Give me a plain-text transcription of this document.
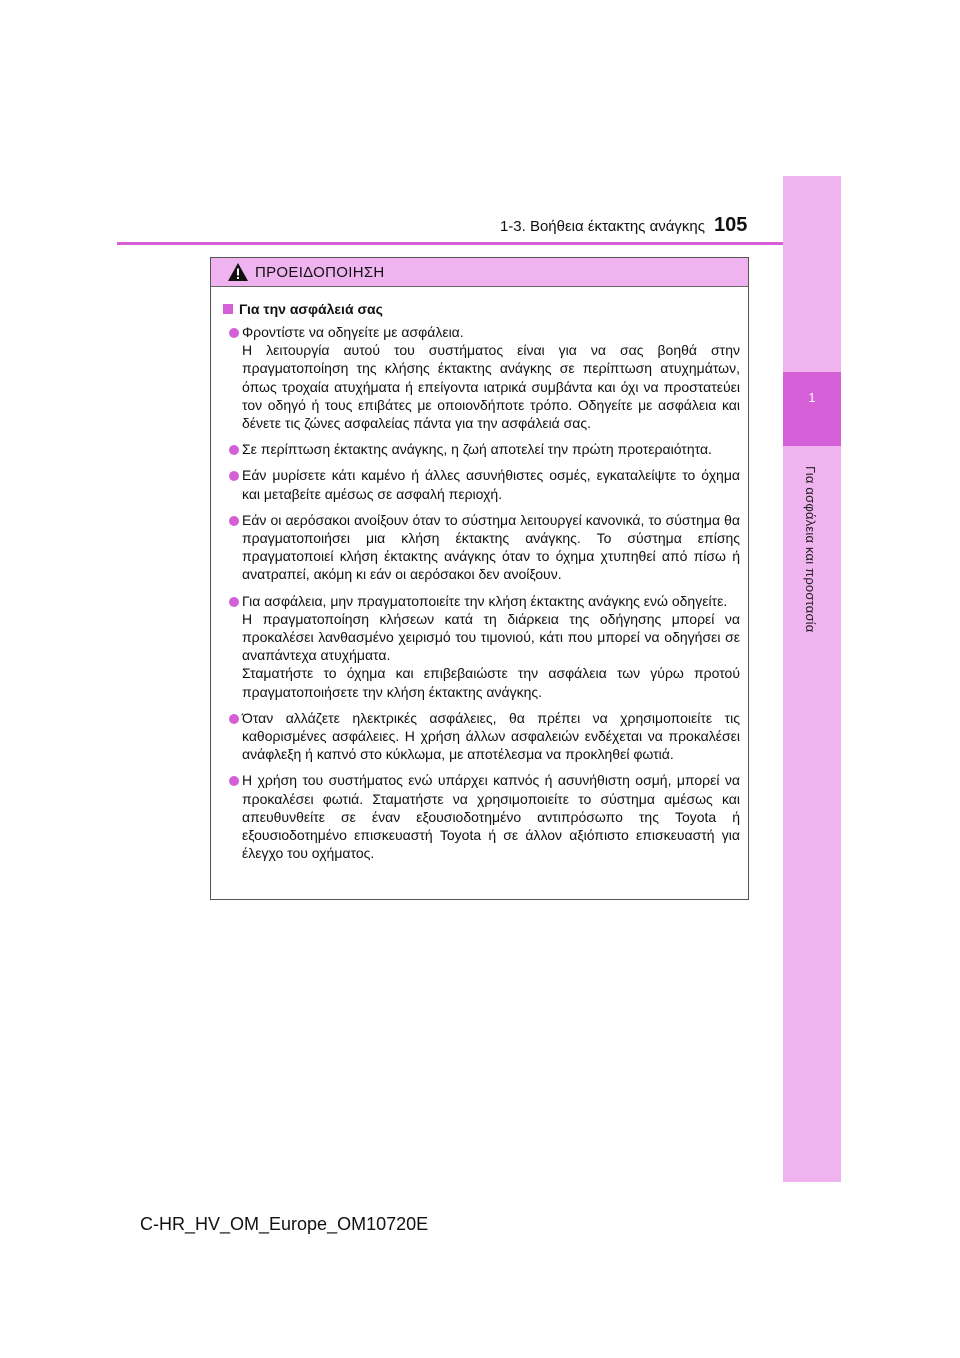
1
Για ασφάλεια και προστασία
1-3. Βοήθεια έκτακτης ανάγκης 105
ΠΡΟΕΙΔΟΠΟΙΗΣΗ
Για την ασφάλειά σας

Φροντίστε να οδηγείτε με ασφάλεια.

Η λειτουργία αυτού του συστήματος είναι για να σας βοηθά στην πραγματοποίηση της κλήσης έκτακτης ανάγκης σε περίπτωση ατυχημάτων, όπως τροχαία ατυχήματα ή επείγοντα ιατρικά συμβάντα και όχι να προστατεύει τον οδηγό ή τους επιβάτες με οποιονδήποτε τρόπο. Οδηγείτε με ασφάλεια και δένετε τις ζώνες ασφαλείας πάντα για την ασφάλειά σας.

Σε περίπτωση έκτακτης ανάγκης, η ζωή αποτελεί την πρώτη προτεραιότητα.

Εάν μυρίσετε κάτι καμένο ή άλλες ασυνήθιστες οσμές, εγκαταλείψτε το όχημα και μεταβείτε αμέσως σε ασφαλή περιοχή.

Εάν οι αερόσακοι ανοίξουν όταν το σύστημα λειτουργεί κανονικά, το σύστημα θα πραγματοποιήσει μια κλήση έκτακτης ανάγκης. Το σύστημα επίσης πραγματοποιεί κλήση έκτακτης ανάγκης όταν το όχημα χτυπηθεί από πίσω ή ανατραπεί, ακόμη κι εάν οι αερόσακοι δεν ανοίξουν.

Για ασφάλεια, μην πραγματοποιείτε την κλήση έκτακτης ανάγκης ενώ οδηγείτε.

Η πραγματοποίηση κλήσεων κατά τη διάρκεια της οδήγησης μπορεί να προκαλέσει λανθασμένο χειρισμό του τιμονιού, κάτι που μπορεί να οδηγήσει σε αναπάντεχα ατυχήματα.

Σταματήστε το όχημα και επιβεβαιώστε την ασφάλεια των γύρω προτού πραγματοποιήσετε την κλήση έκτακτης ανάγκης.

Όταν αλλάζετε ηλεκτρικές ασφάλειες, θα πρέπει να χρησιμοποιείτε τις καθορισμένες ασφάλειες. Η χρήση άλλων ασφαλειών ενδέχεται να προκαλέσει ανάφλεξη ή καπνό στο κύκλωμα, με αποτέλεσμα να προκληθεί φωτιά.

Η χρήση του συστήματος ενώ υπάρχει καπνός ή ασυνήθιστη οσμή, μπορεί να προκαλέσει φωτιά. Σταματήστε να χρησιμοποιείτε το σύστημα αμέσως και απευθυνθείτε σε έναν εξουσιοδοτημένο αντιπρόσωπο της Toyota ή εξουσιοδοτημένο επισκευαστή Toyota ή σε άλλον αξιόπιστο επισκευαστή για έλεγχο του οχήματος.

C-HR_HV_OM_Europe_OM10720E
